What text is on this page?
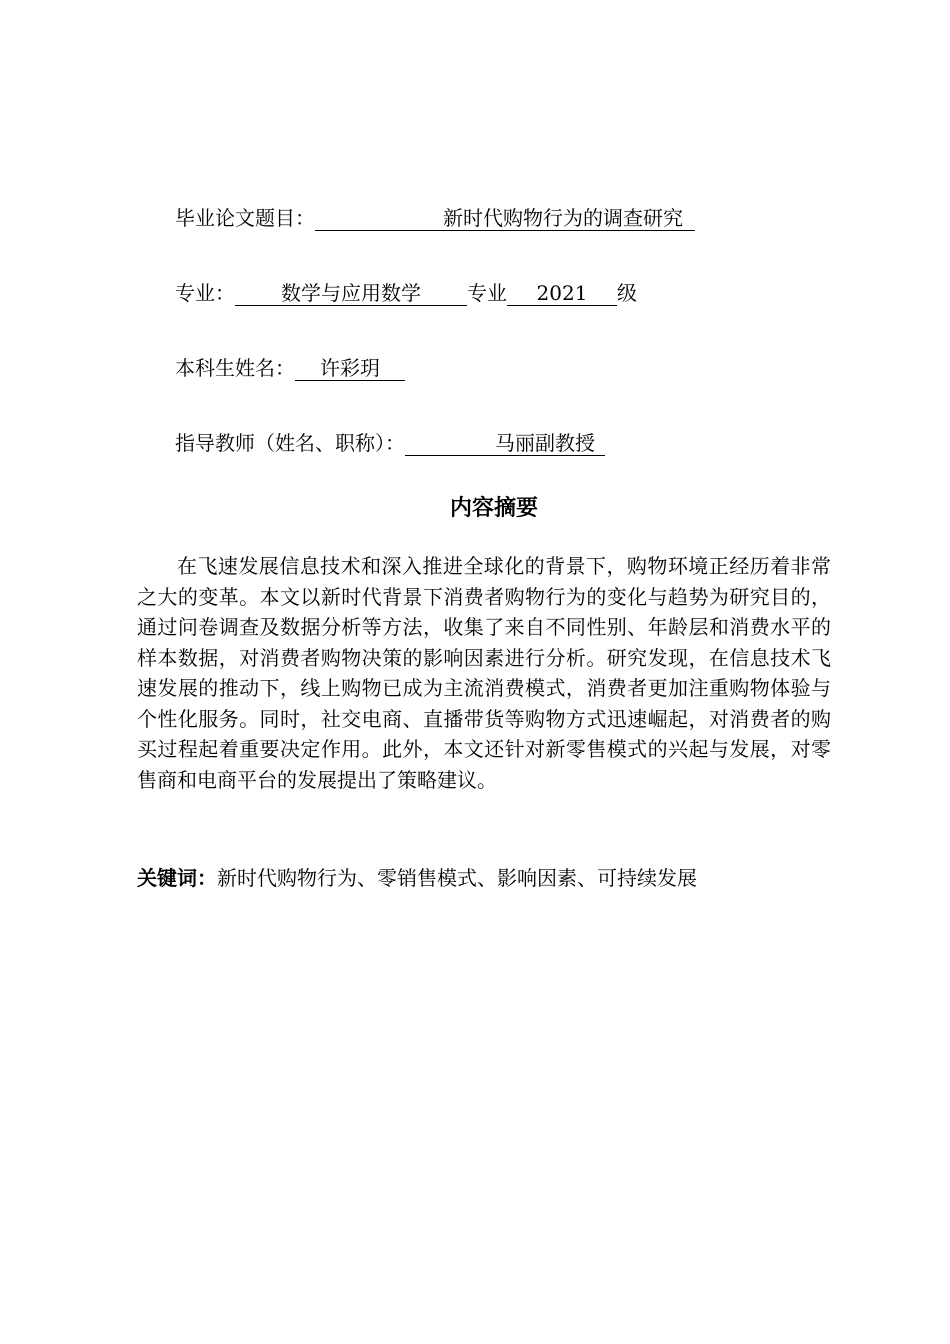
毕业论文题目：	新时代购物行为的调查研究
专业： 数学与应用数学 专业 2021 级
本科生姓名： 许彩玥
指导教师（姓名、职称）：	马丽副教授
内容摘要

在飞速发展信息技术和深入推进全球化的背景下，购物环境正经历着非常之大的变革。本文以新时代背景下消费者购物行为的变化与趋势为研究目的，通过问卷调查及数据分析等方法，收集了来自不同性别、年龄层和消费水平的样本数据，对消费者购物决策的影响因素进行分析。研究发现，在信息技术飞速发展的推动下，线上购物已成为主流消费模式，消费者更加注重购物体验与个性化服务。同时，社交电商、直播带货等购物方式迅速崛起，对消费者的购买过程起着重要决定作用。此外，本文还针对新零售模式的兴起与发展，对零售商和电商平台的发展提出了策略建议。

关键词：新时代购物行为、零销售模式、影响因素、可持续发展
